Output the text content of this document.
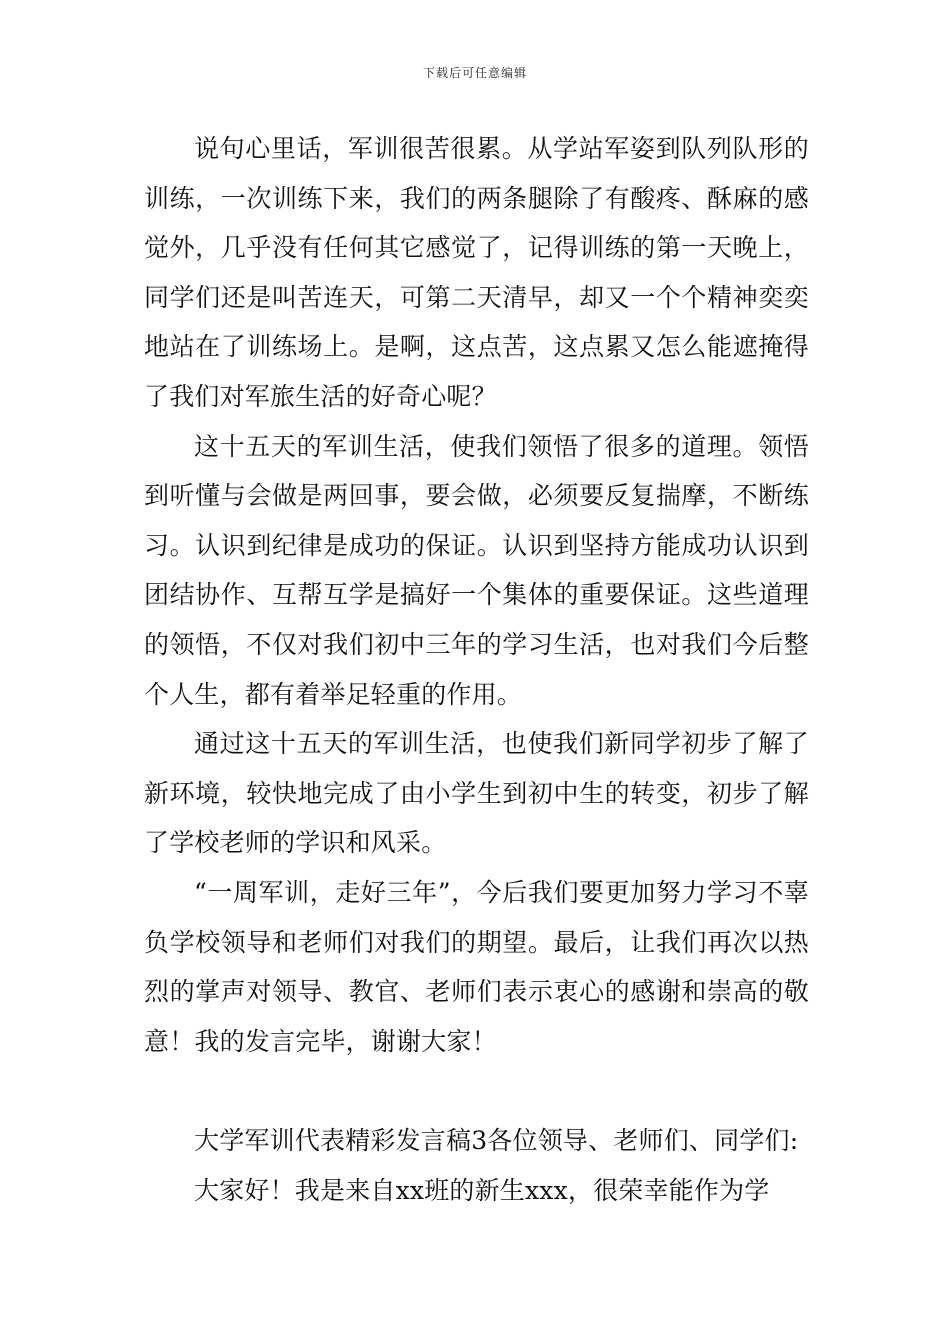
下载后可任意编辑

说句心里话，军训很苦很累。从学站军姿到队列队形的训练，一次训练下来，我们的两条腿除了有酸疼、酥麻的感觉外，几乎没有任何其它感觉了，记得训练的第一天晚上，同学们还是叫苦连天，可第二天清早，却又一个个精神奕奕地站在了训练场上。是啊，这点苦，这点累又怎么能遮掩得了我们对军旅生活的好奇心呢？

这十五天的军训生活，使我们领悟了很多的道理。领悟到听懂与会做是两回事，要会做，必须要反复揣摩，不断练习。认识到纪律是成功的保证。认识到坚持方能成功认识到团结协作、互帮互学是搞好一个集体的重要保证。这些道理的领悟，不仅对我们初中三年的学习生活，也对我们今后整个人生，都有着举足轻重的作用。

通过这十五天的军训生活，也使我们新同学初步了解了新环境，较快地完成了由小学生到初中生的转变，初步了解了学校老师的学识和风采。

“一周军训，走好三年”，今后我们要更加努力学习不辜负学校领导和老师们对我们的期望。最后，让我们再次以热烈的掌声对领导、教官、老师们表示衷心的感谢和崇高的敬意！我的发言完毕，谢谢大家！

大学军训代表精彩发言稿3各位领导、老师们、同学们:

大家好！我是来自xx班的新生xxx，很荣幸能作为学
